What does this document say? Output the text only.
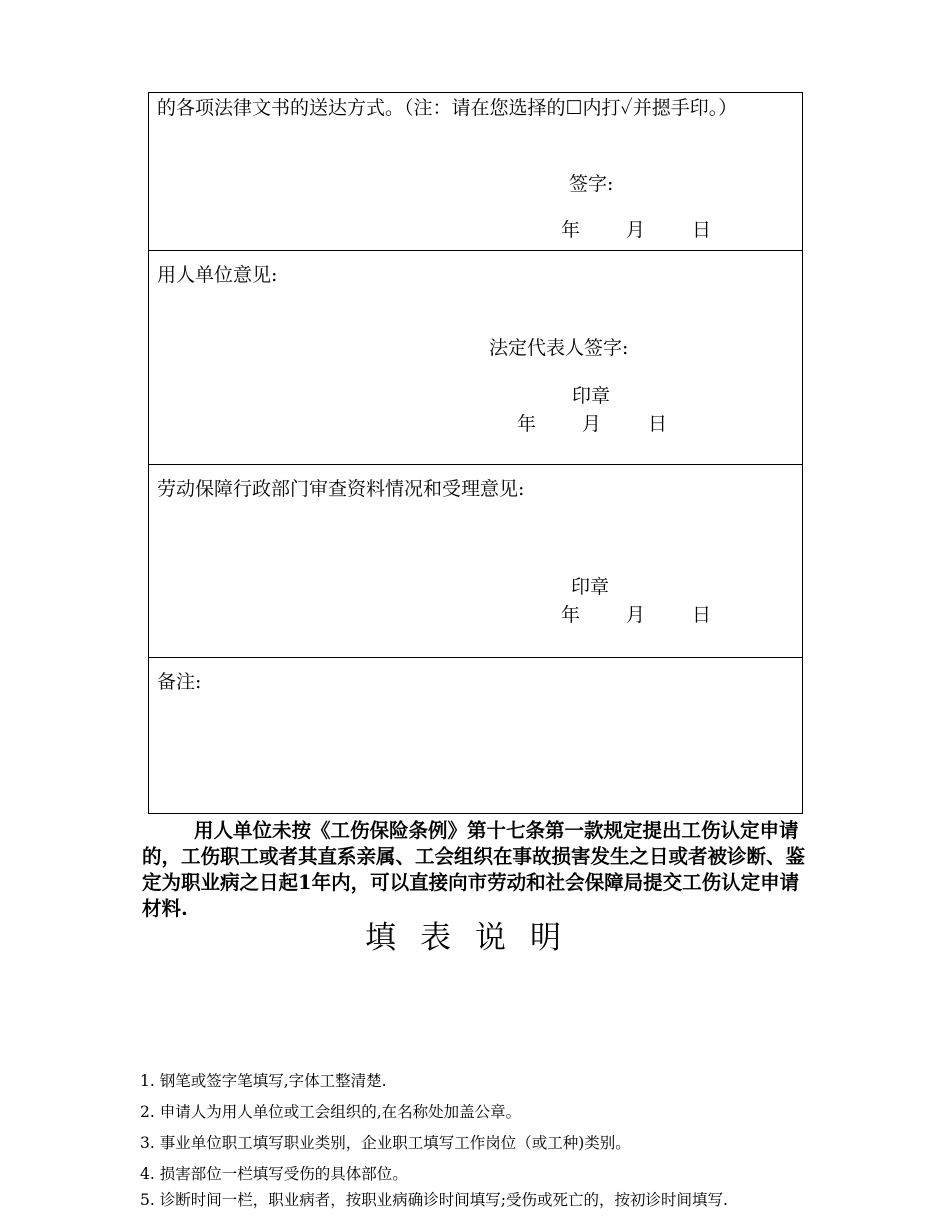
的各项法律文书的送达方式。（注：请在您选择的☐内打✓并摁手印。）
签字:
年 月 日

用人单位意见:
法定代表人签字:
印章
年 月 日

劳动保障行政部门审查资料情况和受理意见:
印章
年 月 日

备注:
用人单位未按《工伤保险条例》第十七条第一款规定提出工伤认定申请的，工伤职工或者其直系亲属、工会组织在事故损害发生之日或者被诊断、鉴定为职业病之日起1年内，可以直接向市劳动和社会保障局提交工伤认定申请材料.
填表说明
1. 钢笔或签字笔填写,字体工整清楚.
2. 申请人为用人单位或工会组织的,在名称处加盖公章。
3. 事业单位职工填写职业类别，企业职工填写工作岗位（或工种)类别。
4. 损害部位一栏填写受伤的具体部位。
5. 诊断时间一栏，职业病者，按职业病确诊时间填写;受伤或死亡的，按初诊时间填写.
